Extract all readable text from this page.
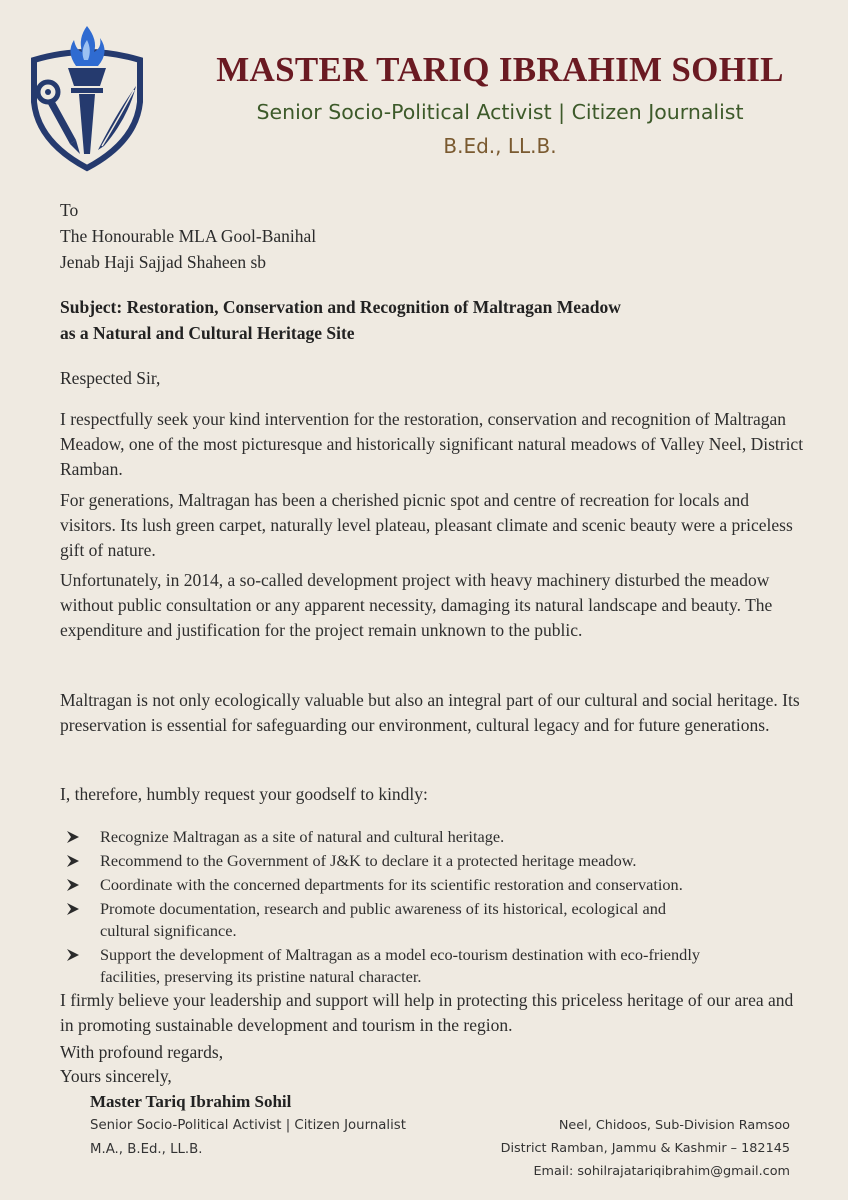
MASTER TARIQ IBRAHIM SOHIL
Senior Socio-Political Activist | Citizen Journalist
B.Ed., LL.B.
To
The Honourable MLA Gool-Banihal
Jenab Haji Sajjad Shaheen sb
Subject: Restoration, Conservation and Recognition of Maltragan Meadow
as a Natural and Cultural Heritage Site
Respected Sir,
I respectfully seek your kind intervention for the restoration, conservation and recognition of Maltragan Meadow, one of the most picturesque and historically significant natural meadows of Valley Neel, District Ramban.
For generations, Maltragan has been a cherished picnic spot and centre of recreation for locals and visitors. Its lush green carpet, naturally level plateau, pleasant climate and scenic beauty were a priceless gift of nature.
Unfortunately, in 2014, a so-called development project with heavy machinery disturbed the meadow without public consultation or any apparent necessity, damaging its natural landscape and beauty. The expenditure and justification for the project remain unknown to the public.
Maltragan is not only ecologically valuable but also an integral part of our cultural and social heritage. Its preservation is essential for safeguarding our environment, cultural legacy and for future generations.
I, therefore, humbly request your goodself to kindly:
Recognize Maltragan as a site of natural and cultural heritage.
Recommend to the Government of J&K to declare it a protected heritage meadow.
Coordinate with the concerned departments for its scientific restoration and conservation.
Promote documentation, research and public awareness of its historical, ecological and cultural significance.
Support the development of Maltragan as a model eco-tourism destination with eco-friendly facilities, preserving its pristine natural character.
I firmly believe your leadership and support will help in protecting this priceless heritage of our area and in promoting sustainable development and tourism in the region.
With profound regards,
Yours sincerely,
Master Tariq Ibrahim Sohil
Senior Socio-Political Activist | Citizen Journalist
M.A., B.Ed., LL.B.
Neel, Chidoos, Sub-Division Ramsoo
District Ramban, Jammu & Kashmir – 182145
Email: sohilrajatariqibrahim@gmail.com
